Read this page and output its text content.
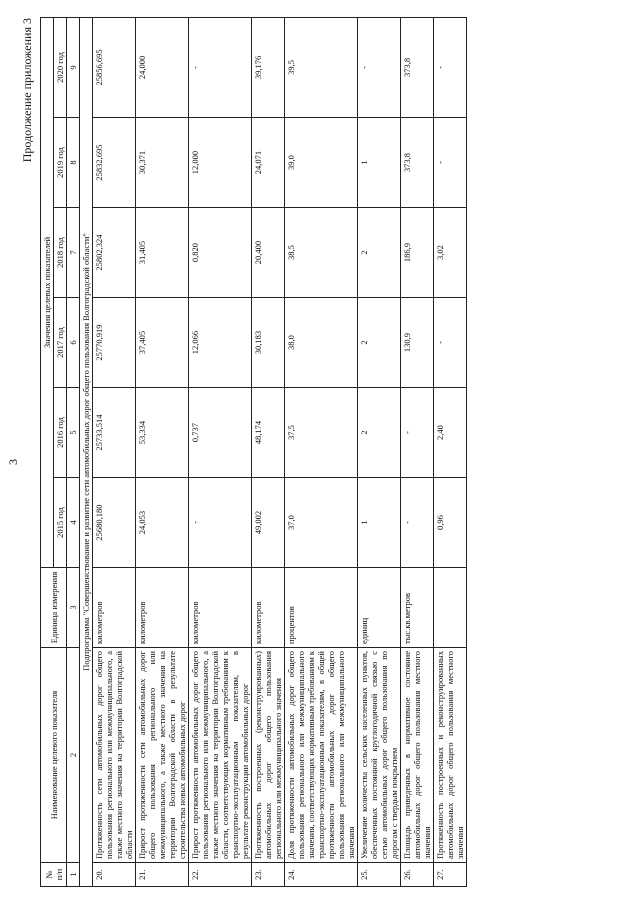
3
Продолжение приложения 3
№ п/п	Наименование целевого показателя	Единица измерения	Значения целевых показателей					
			2015 год	2016 год	2017 год	2018 год	2019 год	2020 год
1	2	3	4	5	6	7	8	9
Подпрограмма "Совершенствование и развитие сети автомобильных дорог общего пользования Волгоградской области"								
20.	Протяженность сети автомобильных дорог общего пользования регионального или межмуниципального, а также местного значения на территории Волгоградской области	километров	25680,180	25733,514	25770,919	25802,324	25832,695	25856,695
21.	Прирост протяженности сети автомобильных дорог общего пользования регионального или межмуниципального, а также местного значения на территории Волгоградской области в результате строительства новых автомобильных дорог	километров	24,053	53,334	37,405	31,405	30,371	24,000
22.	Прирост протяженности автомобильных дорог общего пользования регионального или межмуниципального, а также местного значения на территории Волгоградской области, соответствующих нормативным требованиям к транспортно-эксплуатационным показателям, в результате реконструкции автомобильных дорог	километров	-	0,737	12,066	0,820	12,000	-
23.	Протяженность построенных (реконструированных) автомобильных дорог общего пользования регионального или межмуниципального значения	километров	49,002	48,174	30,183	20,400	24,071	39,176
24.	Доля протяженности автомобильных дорог общего пользования регионального или межмуниципального значения, соответствующих нормативным требованиям к транспортно-эксплуатационным показателям, в общей протяженности автомобильных дорог общего пользования регионального или межмуниципального значения	процентов	37,0	37,5	38,0	38,5	39,0	39,5
25.	Увеличение количества сельских населенных пунктов, обеспеченных постоянной круглогодичной связью с сетью автомобильных дорог общего пользования по дорогам с твердым покрытием	единиц	1	2	2	2	1	-
26.	Площадь приведенных в нормативное состояние автомобильных дорог общего пользования местного значения	тыс.кв.метров	-	-	130,9	186,9	373,8	373,8
27.	Протяженность построенных и реконструированных автомобильных дорог общего пользования местного значения		0,96	2,40	-	3,02	-	-
